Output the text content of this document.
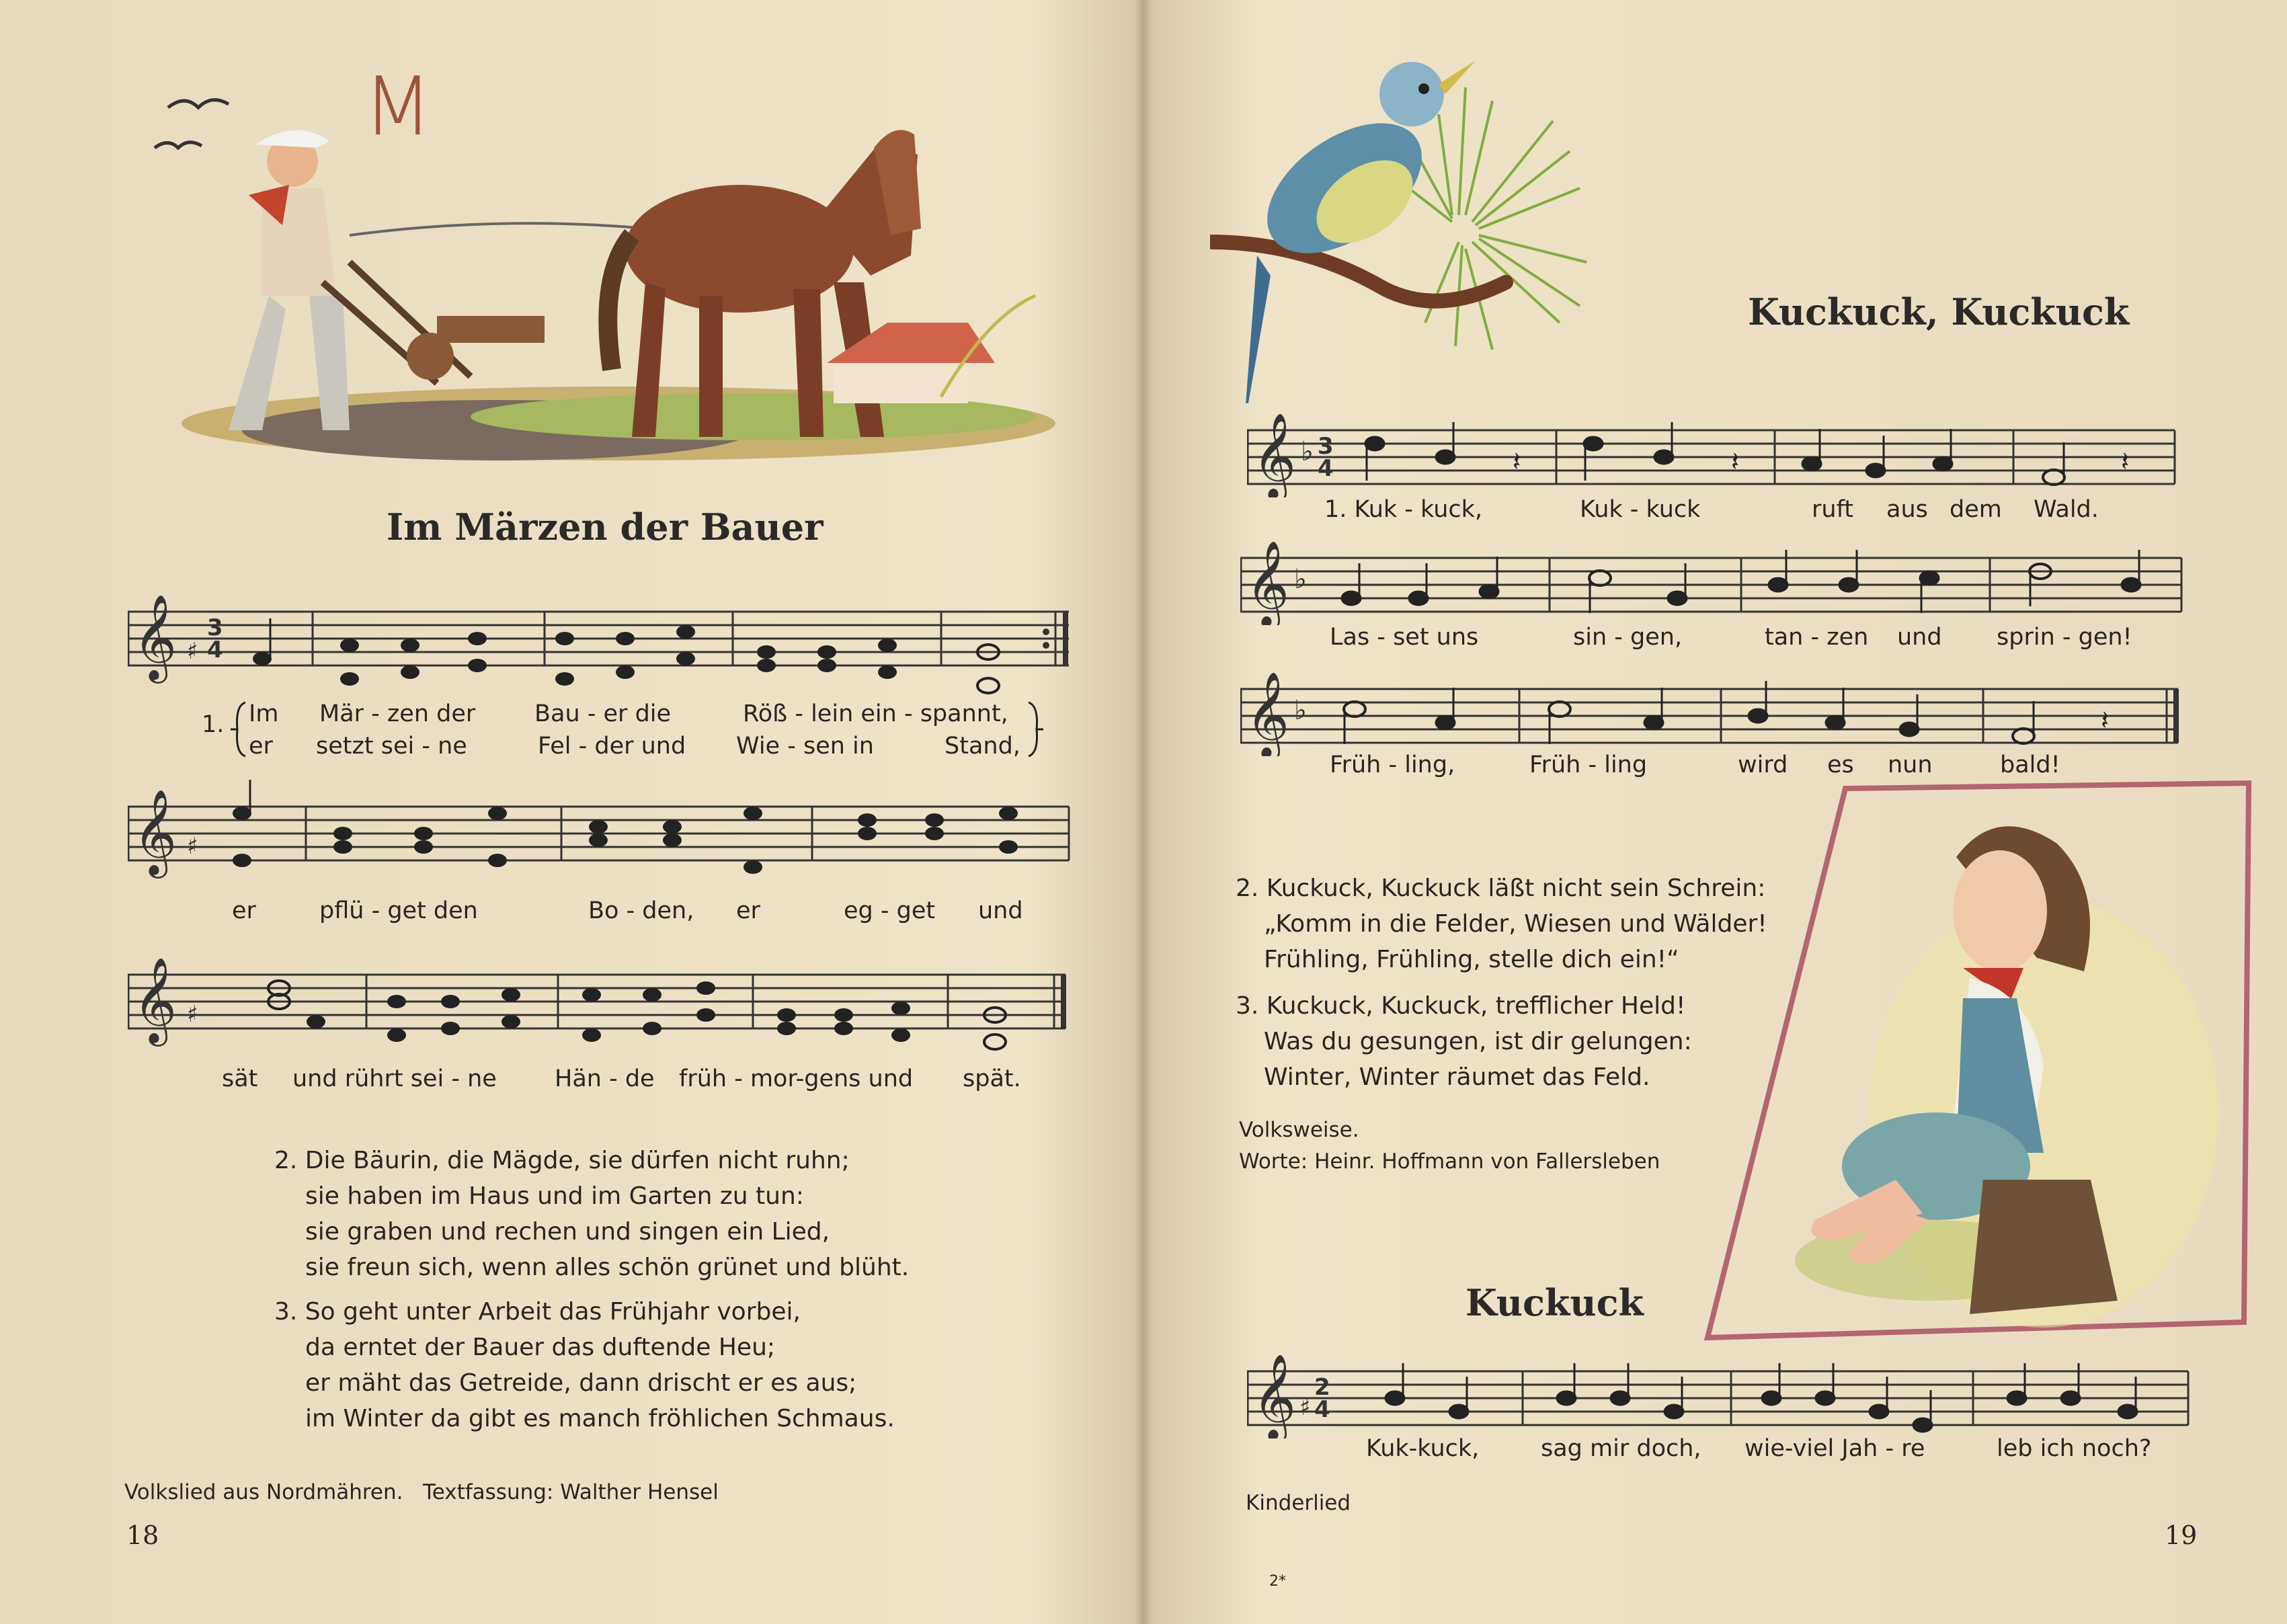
M
Im Märzen der Bauer
𝄞 ♯
3
4
1. Im Mär - zen der	Bau - er die	Röß - lein ein - spannt,
er setzt sei - ne	Fel - der und Wie - sen in	Stand,
𝄞 ♯
er	pflü - get den	Bo - den, er	eg - get und
𝄞 ♯
sät und rührt sei - ne Hän - de früh - mor-gens und spät.
2. Die Bäurin, die Mägde, sie dürfen nicht ruhn;
sie haben im Haus und im Garten zu tun:
sie graben und rechen und singen ein Lied,
sie freun sich, wenn alles schön grünet und blüht.
3. So geht unter Arbeit das Frühjahr vorbei,
da erntet der Bauer das duftende Heu;
er mäht das Getreide, dann drischt er es aus;
im Winter da gibt es manch fröhlichen Schmaus.
Volkslied aus Nordmähren.   Textfassung: Walther Hensel
18
Kuckuck, Kuckuck
𝄞 ♭ 3
4	𝄽	𝄽	𝄽
1. Kuk - kuck,	Kuk - kuck	ruft aus dem Wald.
𝄞 ♭
Las - set uns	sin - gen,	tan - zen und sprin - gen!
𝄞 ♭	𝄽
Früh - ling,	Früh - ling	wird es nun	bald!
2. Kuckuck, Kuckuck läßt nicht sein Schrein:
„Komm in die Felder, Wiesen und Wälder!
Frühling, Frühling, stelle dich ein!“
3. Kuckuck, Kuckuck, trefflicher Held!
Was du gesungen, ist dir gelungen:
Winter, Winter räumet das Feld.
Volksweise.
Worte: Heinr. Hoffmann von Fallersleben
Kuckuck
𝄞 ♯
2
4
Kuk-kuck,	sag mir doch, wie-viel Jah - re	leb ich noch?
Kinderlied
2*
19
